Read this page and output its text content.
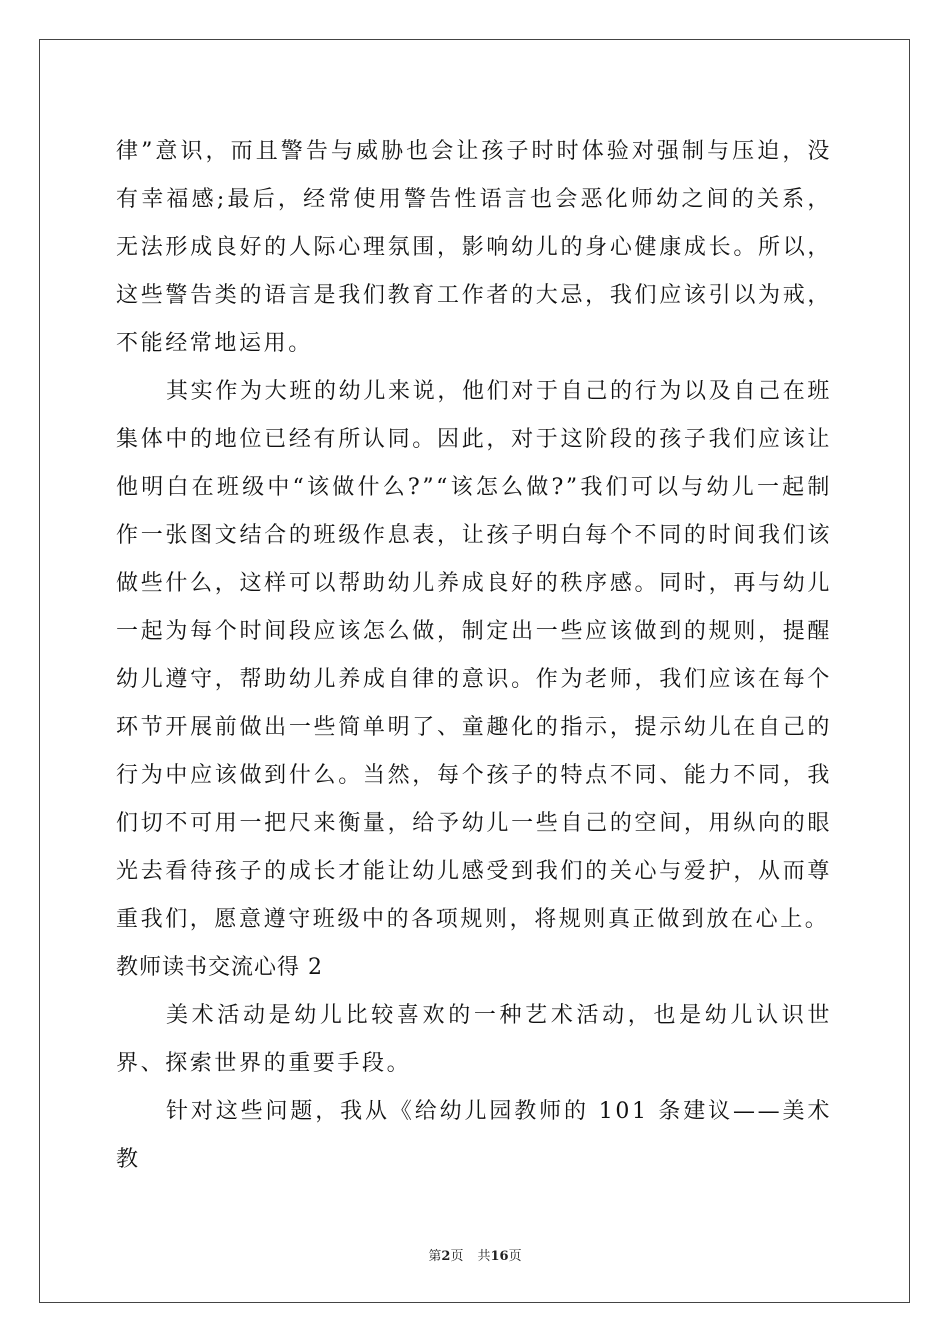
律”意识，而且警告与威胁也会让孩子时时体验对强制与压迫，没有幸福感;最后，经常使用警告性语言也会恶化师幼之间的关系，无法形成良好的人际心理氛围，影响幼儿的身心健康成长。所以，这些警告类的语言是我们教育工作者的大忌，我们应该引以为戒，不能经常地运用。

其实作为大班的幼儿来说，他们对于自己的行为以及自己在班集体中的地位已经有所认同。因此，对于这阶段的孩子我们应该让他明白在班级中“该做什么?”“该怎么做?”我们可以与幼儿一起制作一张图文结合的班级作息表，让孩子明白每个不同的时间我们该做些什么，这样可以帮助幼儿养成良好的秩序感。同时，再与幼儿一起为每个时间段应该怎么做，制定出一些应该做到的规则，提醒幼儿遵守，帮助幼儿养成自律的意识。作为老师，我们应该在每个环节开展前做出一些简单明了、童趣化的指示，提示幼儿在自己的行为中应该做到什么。当然，每个孩子的特点不同、能力不同，我们切不可用一把尺来衡量，给予幼儿一些自己的空间，用纵向的眼光去看待孩子的成长才能让幼儿感受到我们的关心与爱护，从而尊重我们，愿意遵守班级中的各项规则，将规则真正做到放在心上。

教师读书交流心得 2

美术活动是幼儿比较喜欢的一种艺术活动，也是幼儿认识世界、探索世界的重要手段。

针对这些问题，我从《给幼儿园教师的 101 条建议——美术教

第2页 共16页
